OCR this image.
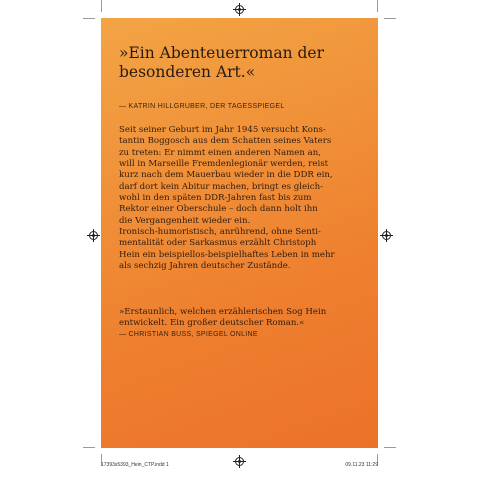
»Ein Abenteuerroman der
besonderen Art.«

— KATRIN HILLGRUBER, DER TAGESSPIEGEL
Seit seiner Geburt im Jahr 1945 versucht Kons-
tantin Boggosch aus dem Schatten seines Vaters
zu treten: Er nimmt einen anderen Namen an,
will in Marseille Fremdenlegionär werden, reist
kurz nach dem Mauerbau wieder in die DDR ein,
darf dort kein Abitur machen, bringt es gleich-
wohl in den späten DDR-Jahren fast bis zum
Rektor einer Oberschule – doch dann holt ihn
die Vergangenheit wieder ein.
Ironisch-humoristisch, anrührend, ohne Senti-
mentalität oder Sarkasmus erzählt Christoph
Hein ein beispiellos-beispielhaftes Leben in mehr
als sechzig Jahren deutscher Zustände.
»Erstaunlich, welchen erzählerischen Sog Hein
entwickelt. Ein großer deutscher Roman.«
— CHRISTIAN BUSS, SPIEGEL ONLINE
17393s5393_Hein_CTP.indd 1	09.11.23 11:29
